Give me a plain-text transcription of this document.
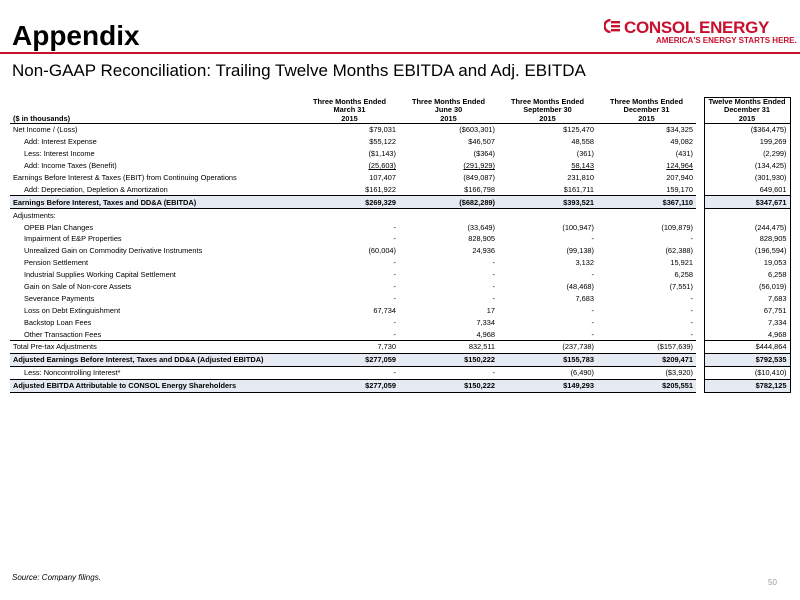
Appendix	CONSOL ENERGY
AMERICA'S ENERGY STARTS HERE.
Non-GAAP Reconciliation: Trailing Twelve Months EBITDA and Adj. EBITDA
	Three Months Ended	Three Months Ended	Three Months Ended	Three Months Ended		Twelve Months Ended
	March 31	June 30	September 30	December 31		December 31
($ in thousands)	2015	2015	2015	2015		2015
Net Income / (Loss)	$79,031	($603,301)	$125,470	$34,325		($364,475)
Add: Interest Expense	$55,122	$46,507	48,558	49,082		199,269
Less: Interest Income	($1,143)	($364)	(361)	(431)		(2,299)
Add: Income Taxes (Benefit)	(25,603)	(291,929)	58,143	124,964		(134,425)
Earnings Before Interest & Taxes (EBIT) from Continuing Operations	107,407	(849,087)	231,810	207,940		(301,930)
Add: Depreciation, Depletion & Amortization	$161,922	$166,798	$161,711	159,170		649,601
Earnings Before Interest, Taxes and DD&A (EBITDA)	$269,329	($682,289)	$393,521	$367,110		$347,671
Adjustments:						
OPEB Plan Changes	-	(33,649)	(100,947)	(109,879)		(244,475)
Impairment of E&P Properties	-	828,905	-	-		828,905
Unrealized Gain on Commodity Derivative Instruments	(60,004)	24,936	(99,138)	(62,388)		(196,594)
Pension Settlement	-	-	3,132	15,921		19,053
Industrial Supplies Working Capital Settlement	-	-	-	6,258		6,258
Gain on Sale of Non-core Assets	-	-	(48,468)	(7,551)		(56,019)
Severance Payments	-	-	7,683	-		7,683
Loss on Debt Extinguishment	67,734	17	-	-		67,751
Backstop Loan Fees	-	7,334	-	-		7,334
Other Transaction Fees	-	4,968	-	-		4,968
Total Pre-tax Adjustments	7,730	832,511	(237,738)	($157,639)		$444,864
Adjusted Earnings Before Interest, Taxes and DD&A (Adjusted EBITDA)	$277,059	$150,222	$155,783	$209,471		$792,535
Less: Noncontrolling Interest*	-	-	(6,490)	($3,920)		($10,410)
Adjusted EBITDA Attributable to CONSOL Energy Shareholders	$277,059	$150,222	$149,293	$205,551		$782,125
Source: Company filings.
50
